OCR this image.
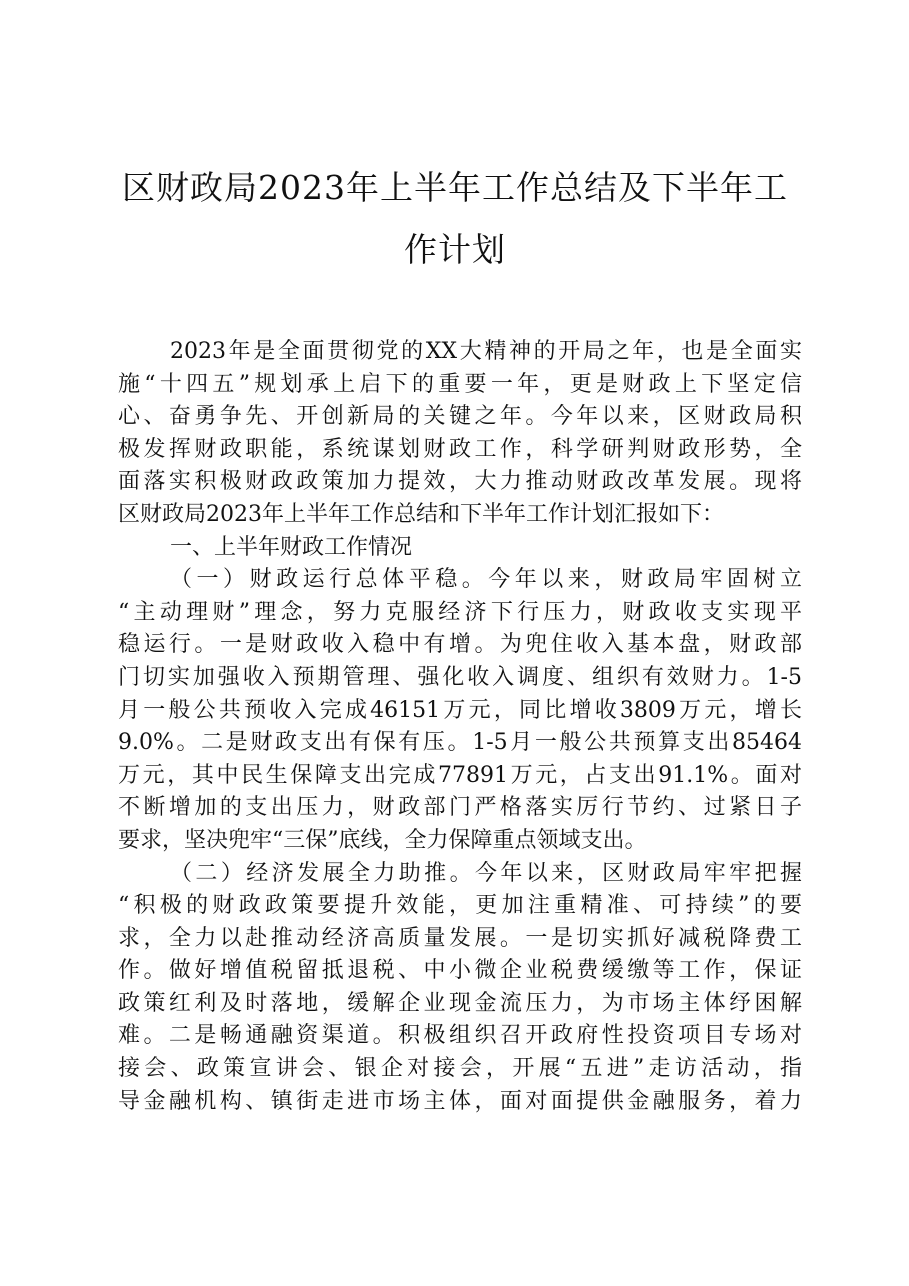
区财政局2023年上半年工作总结及下半年工
作计划
2023年是全面贯彻党的XX大精神的开局之年，也是全面实
施“十四五”规划承上启下的重要一年，更是财政上下坚定信
心、奋勇争先、开创新局的关键之年。今年以来，区财政局积
极发挥财政职能，系统谋划财政工作，科学研判财政形势，全
面落实积极财政政策加力提效，大力推动财政改革发展。现将
区财政局2023年上半年工作总结和下半年工作计划汇报如下：
一、上半年财政工作情况
（一）财政运行总体平稳。今年以来，财政局牢固树立
“主动理财”理念，努力克服经济下行压力，财政收支实现平
稳运行。一是财政收入稳中有增。为兜住收入基本盘，财政部
门切实加强收入预期管理、强化收入调度、组织有效财力。1-5
月一般公共预收入完成46151万元，同比增收3809万元，增长
9.0%。二是财政支出有保有压。1-5月一般公共预算支出85464
万元，其中民生保障支出完成77891万元，占支出91.1%。面对
不断增加的支出压力，财政部门严格落实厉行节约、过紧日子
要求，坚决兜牢“三保”底线，全力保障重点领域支出。
（二）经济发展全力助推。今年以来，区财政局牢牢把握
“积极的财政政策要提升效能，更加注重精准、可持续”的要
求，全力以赴推动经济高质量发展。一是切实抓好减税降费工
作。做好增值税留抵退税、中小微企业税费缓缴等工作，保证
政策红利及时落地，缓解企业现金流压力，为市场主体纾困解
难。二是畅通融资渠道。积极组织召开政府性投资项目专场对
接会、政策宣讲会、银企对接会，开展“五进”走访活动，指
导金融机构、镇街走进市场主体，面对面提供金融服务，着力
